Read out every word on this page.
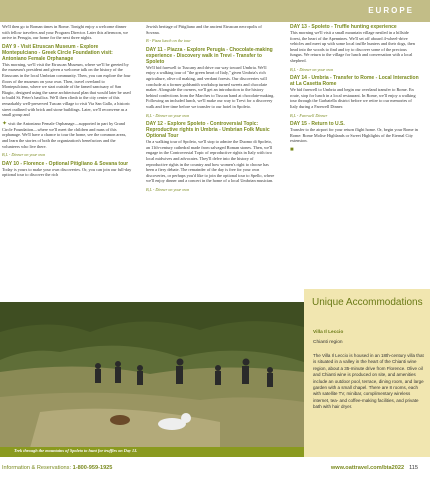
EUROPE

We'll then go to Roman times in Rome. Tonight enjoy a welcome dinner with fellow travelers and your Program Director. Later this afternoon, we arrive in Perugia, our home for the next three nights.

DAY 9 - Visit Etruscan Museum - Explore Montepulciano - Greek Circle Foundation visit: Antoniano Female Orphanage

This morning, we'll visit the Etruscan Museum, where we'll be greeted by the museum's president and given a welcome talk on the history of the Etruscans in the local Umbrian community. Then, you can explore the four floors of the museum on your own. Then, travel overland to Montepulciano, where we start outside of the famed sanctuary of San Biagio, designed using the same architectural plan that would later be used to build St. Peter's basilica. We'll then climb to the city center of this remarkably well-preserved Tuscan village to visit Via San Gallo, a historic street outlined with brick and stone buildings. Later, we'll reconvene as a small group and

✦ visit the Antoniano Female Orphanage—supported in part by Grand Circle Foundation—where we'll meet the children and nuns of this orphanage. We'll have a chance to tour the home, see the common areas, and learn the stories of both the organization's benefactors and the volunteers who live there.

B,L - Dinner on your own
DAY 10 - Florence - Optional Pitigliano & Sovana tour

Today is yours to make your own discoveries. Or, you can join our full-day optional tour to discover the rich

Jewish heritage of Pitigliano and the ancient Etruscan necropolis of Sovana.

B - Pizza lunch on the tour
DAY 11 - Piazza - Explore Perugia - Chocolate-making experience - Discovery walk in Trevi - Transfer to Spoleto

We'll bid farewell to Tuscany and drive our way toward Umbria. We'll enjoy a walking tour of "the green heart of Italy," given Umbria's rich agriculture, olive oil making, and verdant forests. Our discoveries will conclude at a former goldsmith workshop turned sweets and chocolate maker. Alongside the owners, we'll get an introduction to the history behind confections from the Marches to Tuscan hand at chocolate-making. Following an included lunch, we'll make our way to Trevi for a discovery walk and free time before we transfer to our hotel in Spoleto.

B,L - Dinner on your own
DAY 12 - Explore Spoleto - Controversial Topic: Reproductive rights in Umbria - Umbrian Folk Music Optional Tour

On a walking tour of Spoleto, we'll stop to admire the Duomo di Spoleto, an 11th-century cathedral made from salvaged Roman stones. Then, we'll engage in the Controversial Topic of reproductive rights in Italy with two local midwives and advocates. They'll delve into the history of reproductive rights in the country and how women's right to choose has been a fiery debate. The remainder of the day is free for your own discoveries, or perhaps you'd like to join the optional tour to Spello, where we'll enjoy dinner and a concert in the home of a local Umbrian musician.

B,L - Dinner on your own
DAY 13 - Spoleto - Truffle hunting experience

This morning we'll visit a small mountain village nestled in a hillside forest, the heart of the Apennines. We'll set off aboard 4-wheel-drive vehicles and meet up with some local truffle hunters and their dogs, then head into the woods to find and try to discover some of the precious fungus. We return to the village for lunch and conversation with a local shepherd.

B,L - Dinner on your own
DAY 14 - Umbria - Transfer to Rome - Local Interaction at La Casetta Rome

We bid farewell to Umbria and begin our overland transfer to Rome. En route, stop for lunch in a local restaurant. In Rome, we'll enjoy a walking tour through the Garbatella district before we retire to our memories of Italy during a Farewell Dinner.

B,L - Farewell Dinner
DAY 15 - Return to U.S.

Transfer to the airport for your return flight home. Or, begin your Rome in Rome: Rome Molise Highlands or Sweet Highlights of the Eternal City extension.

■
Trek through the mountains of Spoleto to hunt for truffles on Day 13.
Unique Accommodations
Villa Il Leccio
Chianti region
The Villa Il Leccio is housed in an 18th-century villa that is situated in a valley in the heart of the Chianti wine region, about a 35-minute drive from Florence. Olive oil and Chianti wine is produced on site, and amenities include an outdoor pool, terrace, dining room, and large garden with a small chapel. There are 8 rooms, each with satellite TV, minibar, complimentary wireless internet, tea- and coffee-making facilities, and private bath with hair dryer.
Information & Reservations: 1-800-959-1925	www.oattravel.com/bta2022 115
